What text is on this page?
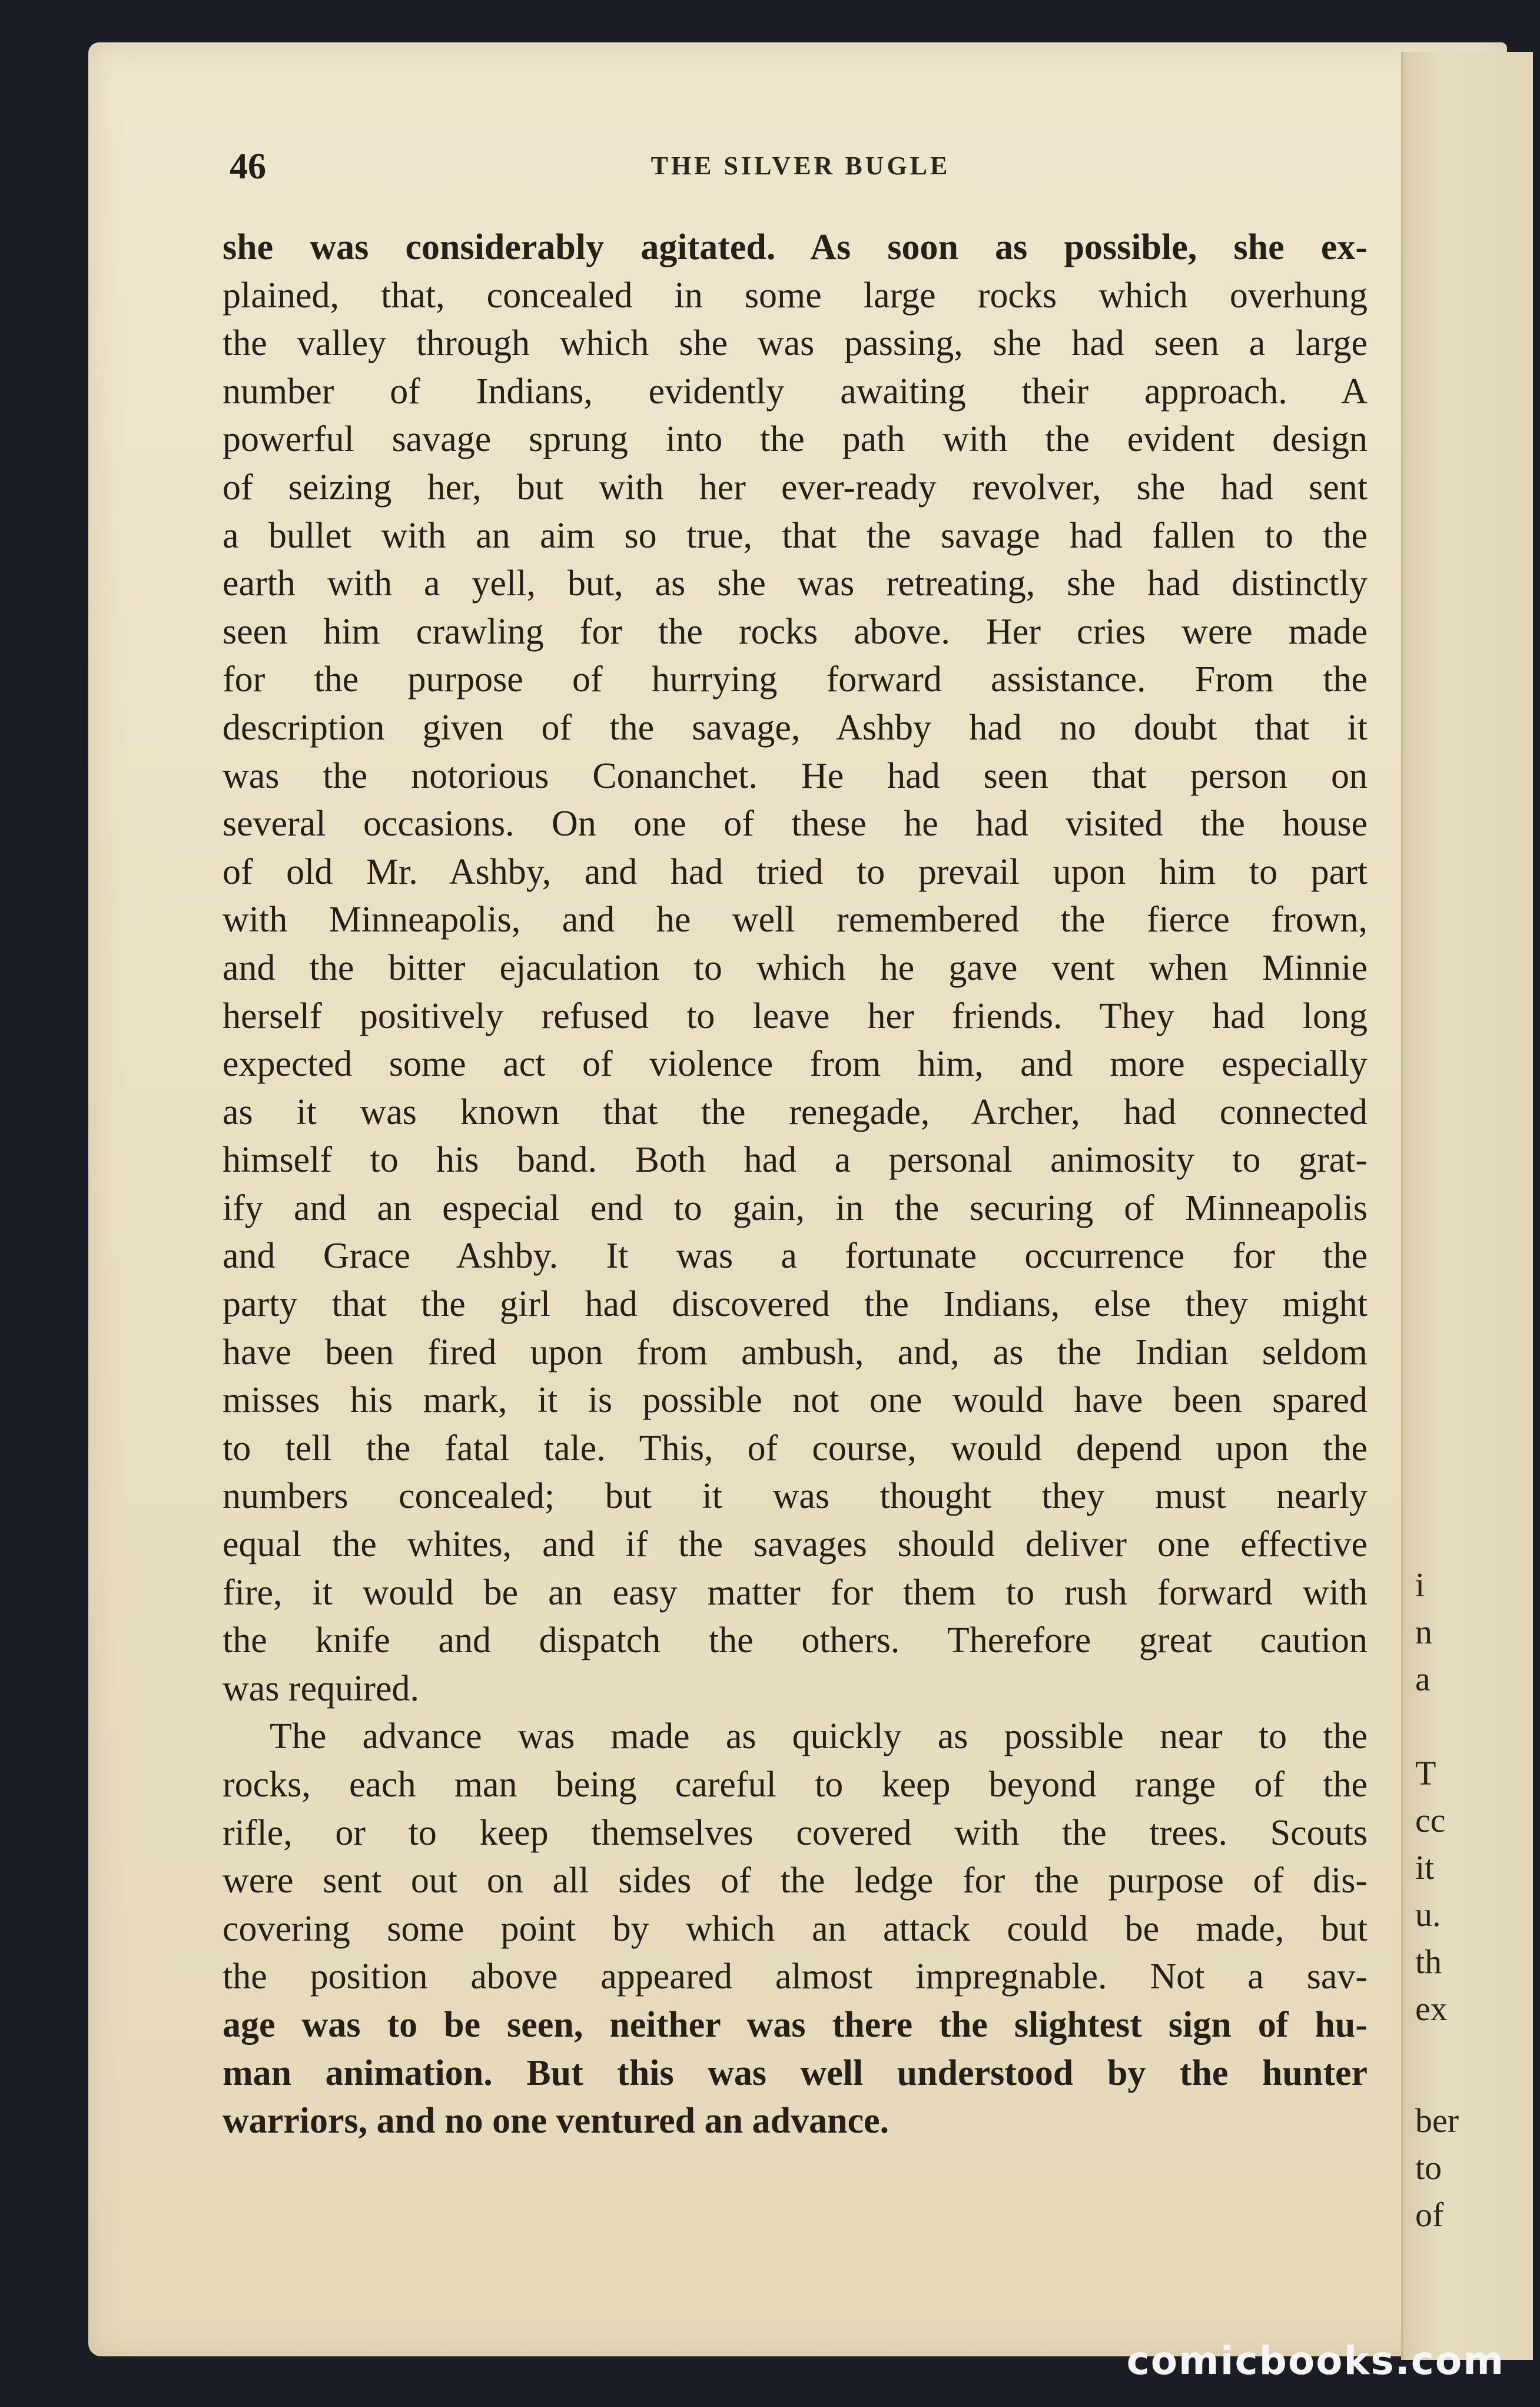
i
n
a
T
cc
it
u.
th
ex
ber
to
of
46	THE SILVER BUGLE
she was considerably agitated. As soon as possible, she ex-
plained, that, concealed in some large rocks which overhung
the valley through which she was passing, she had seen a large
number of Indians, evidently awaiting their approach. A
powerful savage sprung into the path with the evident design
of seizing her, but with her ever-ready revolver, she had sent
a bullet with an aim so true, that the savage had fallen to the
earth with a yell, but, as she was retreating, she had distinctly
seen him crawling for the rocks above. Her cries were made
for the purpose of hurrying forward assistance. From the
description given of the savage, Ashby had no doubt that it
was the notorious Conanchet. He had seen that person on
several occasions. On one of these he had visited the house
of old Mr. Ashby, and had tried to prevail upon him to part
with Minneapolis, and he well remembered the fierce frown,
and the bitter ejaculation to which he gave vent when Minnie
herself positively refused to leave her friends. They had long
expected some act of violence from him, and more especially
as it was known that the renegade, Archer, had connected
himself to his band. Both had a personal animosity to grat-
ify and an especial end to gain, in the securing of Minneapolis
and Grace Ashby. It was a fortunate occurrence for the
party that the girl had discovered the Indians, else they might
have been fired upon from ambush, and, as the Indian seldom
misses his mark, it is possible not one would have been spared
to tell the fatal tale. This, of course, would depend upon the
numbers concealed; but it was thought they must nearly
equal the whites, and if the savages should deliver one effective
fire, it would be an easy matter for them to rush forward with
the knife and dispatch the others. Therefore great caution
was required.
The advance was made as quickly as possible near to the
rocks, each man being careful to keep beyond range of the
rifle, or to keep themselves covered with the trees. Scouts
were sent out on all sides of the ledge for the purpose of dis-
covering some point by which an attack could be made, but
the position above appeared almost impregnable. Not a sav-
age was to be seen, neither was there the slightest sign of hu-
man animation. But this was well understood by the hunter
warriors, and no one ventured an advance.
comicbooks.com
